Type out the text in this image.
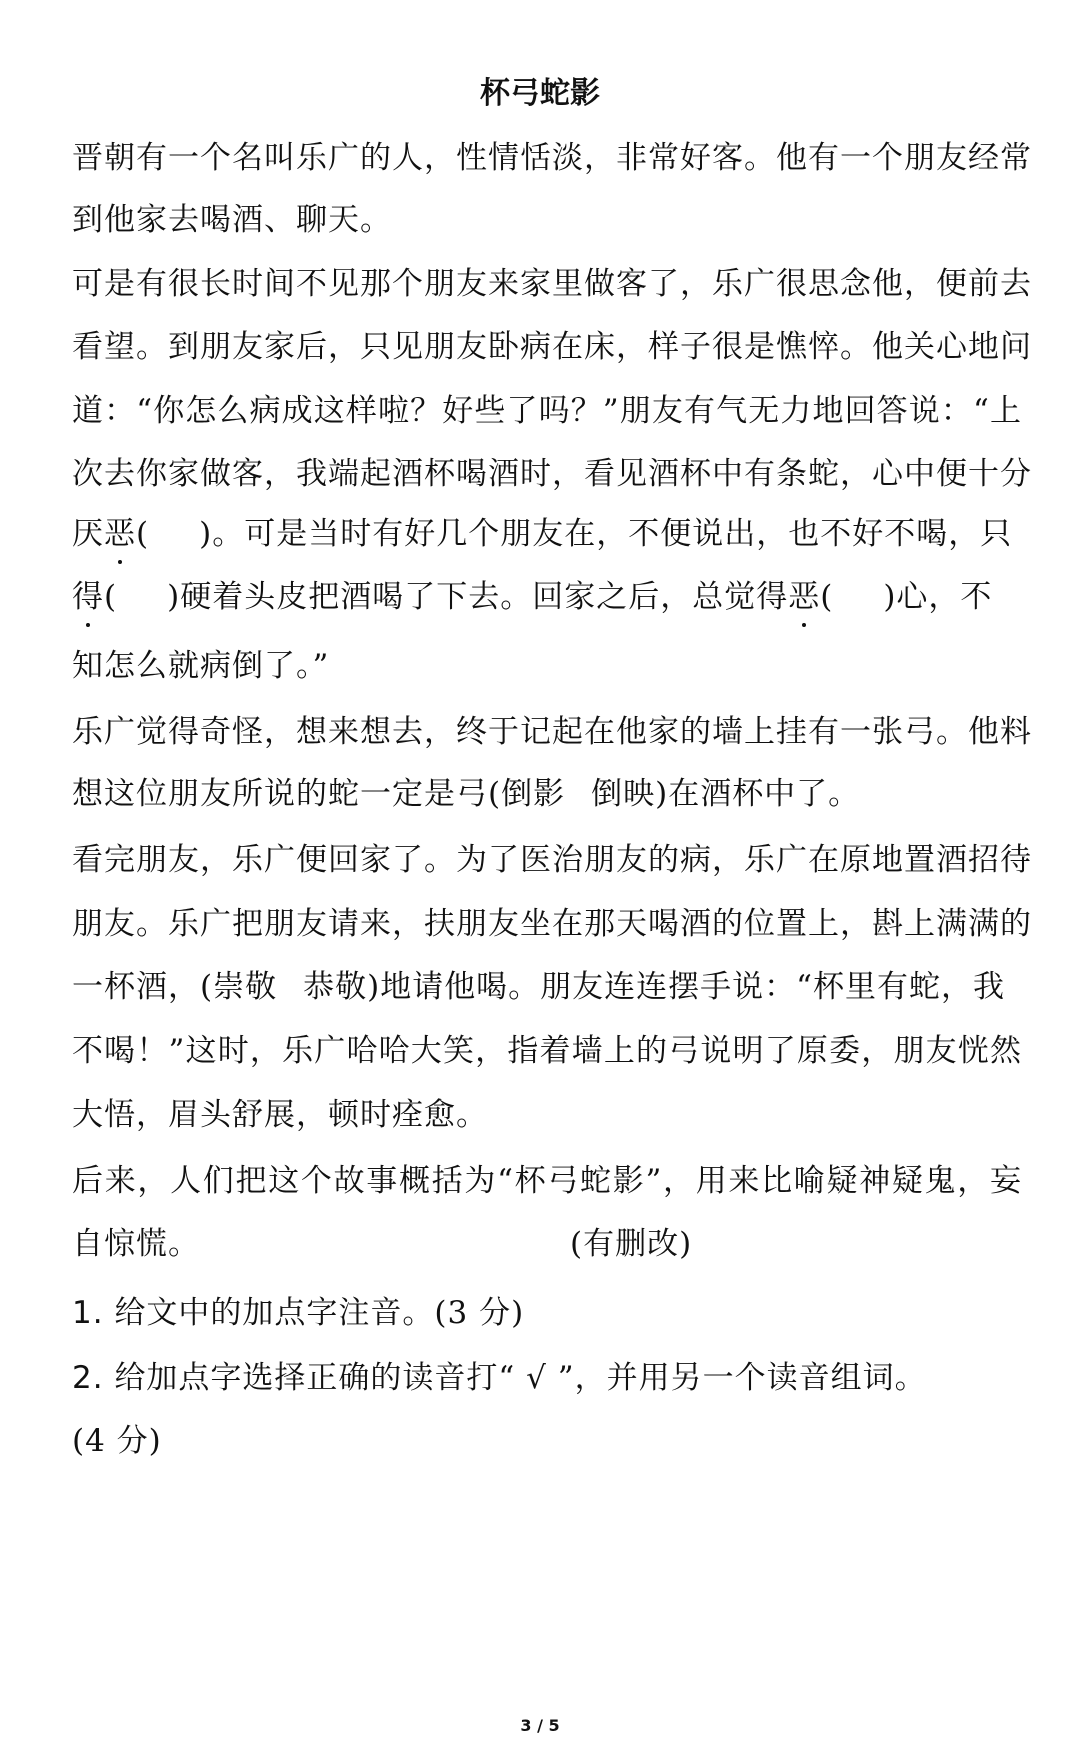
杯弓蛇影
晋朝有一个名叫乐广的人，性情恬淡，非常好客。他有一个朋友经常
到他家去喝酒、聊天。
可是有很长时间不见那个朋友来家里做客了，乐广很思念他，便前去
看望。到朋友家后，只见朋友卧病在床，样子很是憔悴。他关心地问
道：“你怎么病成这样啦？好些了吗？”朋友有气无力地回答说：“上
次去你家做客，我端起酒杯喝酒时，看见酒杯中有条蛇，心中便十分
厌恶( )。可是当时有好几个朋友在，不便说出，也不好不喝，只
得( )硬着头皮把酒喝了下去。回家之后，总觉得恶( )心，不
知怎么就病倒了。”
乐广觉得奇怪，想来想去，终于记起在他家的墙上挂有一张弓。他料
想这位朋友所说的蛇一定是弓(倒影 倒映)在酒杯中了。
看完朋友，乐广便回家了。为了医治朋友的病，乐广在原地置酒招待
朋友。乐广把朋友请来，扶朋友坐在那天喝酒的位置上，斟上满满的
一杯酒，(崇敬 恭敬)地请他喝。朋友连连摆手说：“杯里有蛇，我
不喝！”这时，乐广哈哈大笑，指着墙上的弓说明了原委，朋友恍然
大悟，眉头舒展，顿时痊愈。
后来，人们把这个故事概括为“杯弓蛇影”，用来比喻疑神疑鬼，妄
自惊慌。	(有删改)
1. 给文中的加点字注音。(3 分)
2. 给加点字选择正确的读音打“ √ ”，并用另一个读音组词。
(4 分)
3 / 5
